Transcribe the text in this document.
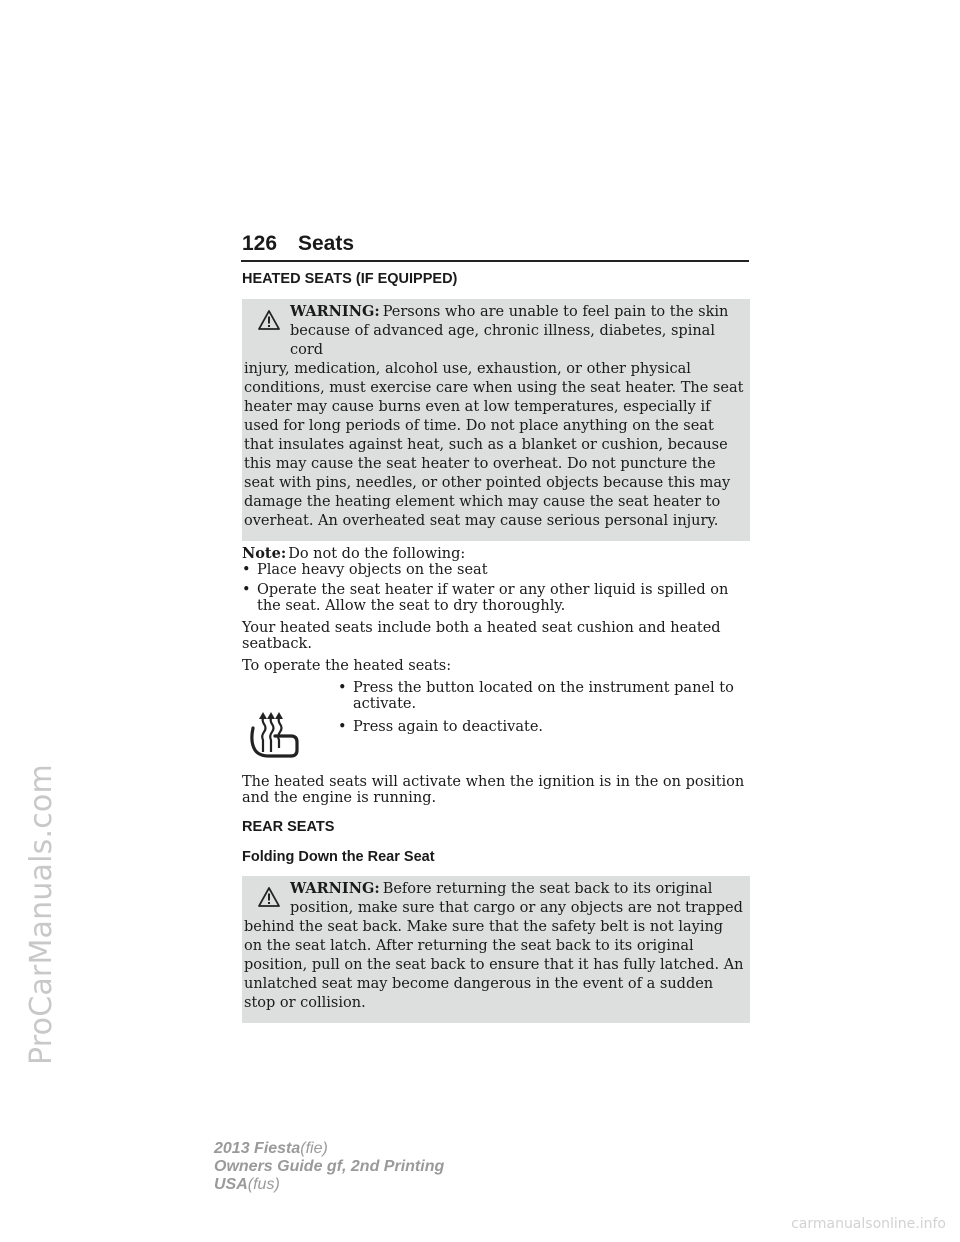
ProCarManuals.com
carmanualsonline.info
126 Seats
HEATED SEATS (IF EQUIPPED)

WARNING: Persons who are unable to feel pain to the skin

because of advanced age, chronic illness, diabetes, spinal cord

injury, medication, alcohol use, exhaustion, or other physical conditions, must exercise care when using the seat heater. The seat heater may cause burns even at low temperatures, especially if used for long periods of time. Do not place anything on the seat that insulates against heat, such as a blanket or cushion, because this may cause the seat heater to overheat. Do not puncture the seat with pins, needles, or other pointed objects because this may damage the heating element which may cause the seat heater to overheat. An overheated seat may cause serious personal injury.

Note: Do not do the following:

• Place heavy objects on the seat
• Operate the seat heater if water or any other liquid is spilled on the seat. Allow the seat to dry thoroughly.

Your heated seats include both a heated seat cushion and heated seatback.

To operate the heated seats:

• Press the button located on the instrument panel to activate.
• Press again to deactivate.

The heated seats will activate when the ignition is in the on position and the engine is running.

REAR SEATS
Folding Down the Rear Seat

WARNING: Before returning the seat back to its original

position, make sure that cargo or any objects are not trapped

behind the seat back. Make sure that the safety belt is not laying on the seat latch. After returning the seat back to its original position, pull on the seat back to ensure that it has fully latched. An unlatched seat may become dangerous in the event of a sudden stop or collision.

2013 Fiesta(fie)
Owners Guide gf, 2nd Printing
USA(fus)
